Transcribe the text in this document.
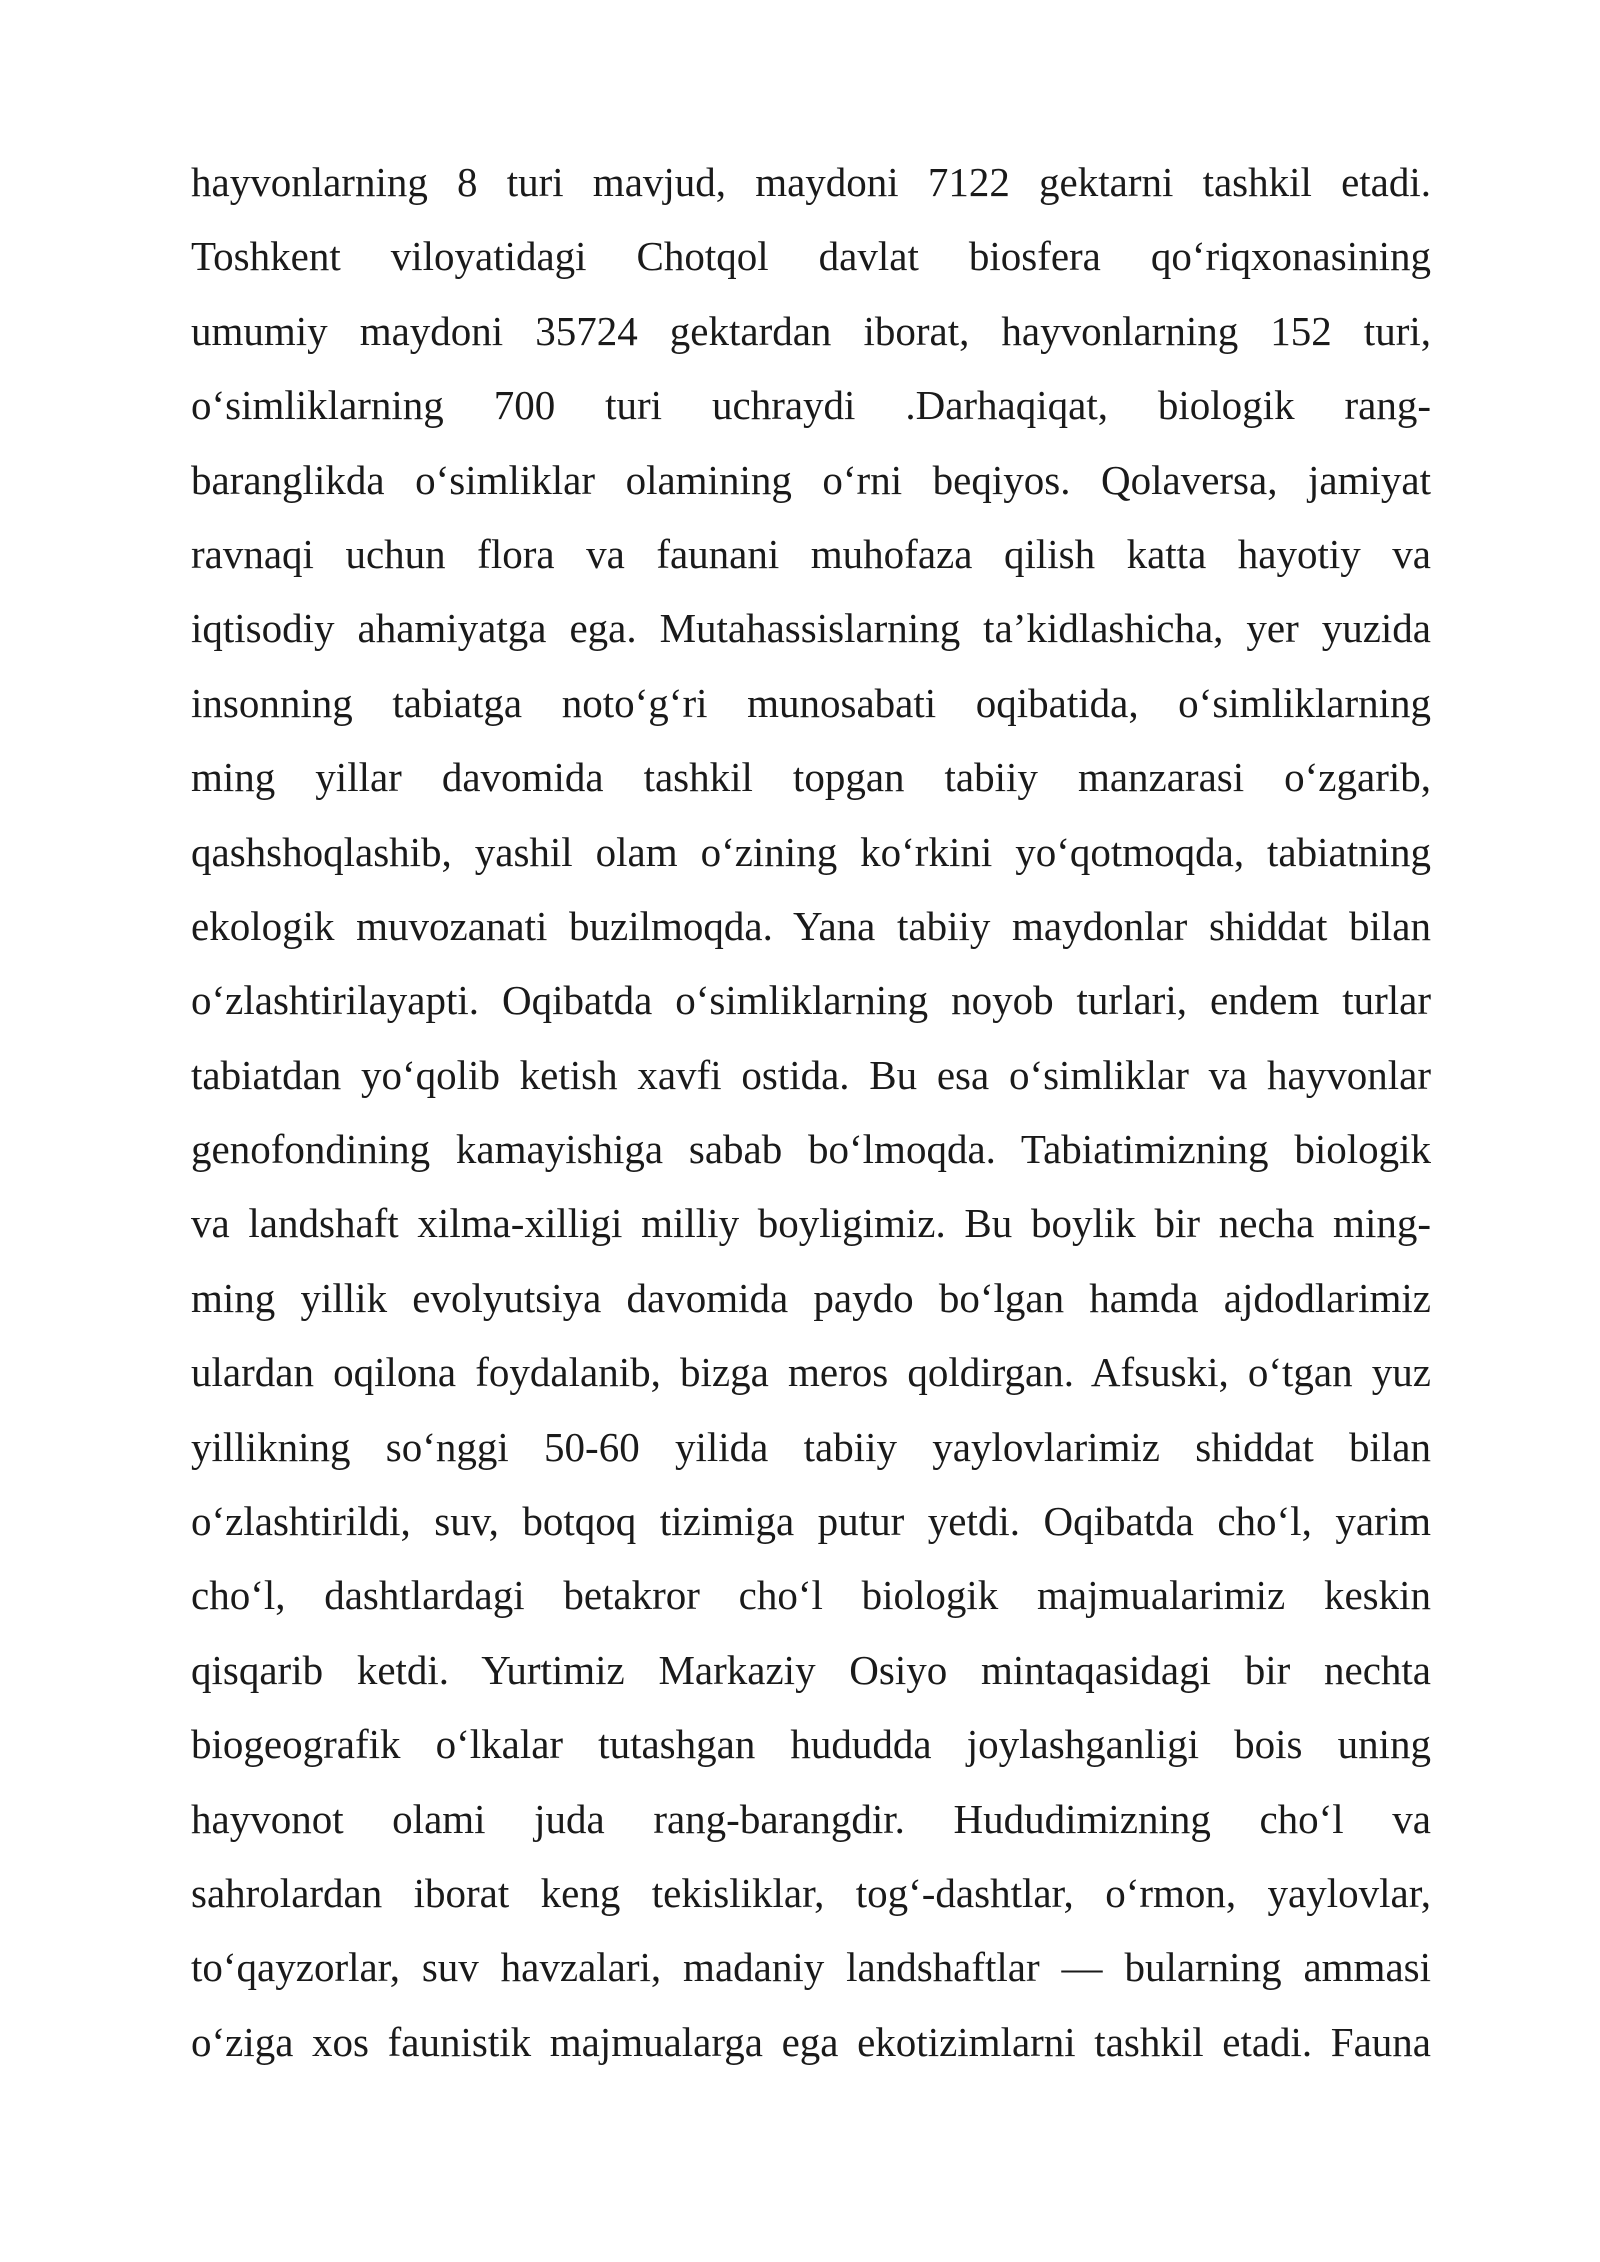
hayvonlarning 8 turi mavjud, maydoni 7122 gektarni tashkil etadi.
Toshkent viloyatidagi Chotqol davlat biosfera qo‘riqxonasining
umumiy maydoni 35724 gektardan iborat, hayvonlarning 152 turi,
o‘simliklarning 700 turi uchraydi .Darhaqiqat, biologik rang-
baranglikda o‘simliklar olamining o‘rni beqiyos. Qolaversa, jamiyat
ravnaqi uchun flora va faunani muhofaza qilish katta hayotiy va
iqtisodiy ahamiyatga ega. Mutahassislarning ta’kidlashicha, yer yuzida
insonning tabiatga noto‘g‘ri munosabati oqibatida, o‘simliklarning
ming yillar davomida tashkil topgan tabiiy manzarasi o‘zgarib,
qashshoqlashib, yashil olam o‘zining ko‘rkini yo‘qotmoqda, tabiatning
ekologik muvozanati buzilmoqda. Yana tabiiy maydonlar shiddat bilan
o‘zlashtirilayapti. Oqibatda o‘simliklarning noyob turlari, endem turlar
tabiatdan yo‘qolib ketish xavfi ostida. Bu esa o‘simliklar va hayvonlar
genofondining kamayishiga sabab bo‘lmoqda. Tabiatimizning biologik
va landshaft xilma-xilligi milliy boyligimiz. Bu boylik bir necha ming-
ming yillik evolyutsiya davomida paydo bo‘lgan hamda ajdodlarimiz
ulardan oqilona foydalanib, bizga meros qoldirgan. Afsuski, o‘tgan yuz
yillikning so‘nggi 50-60 yilida tabiiy yaylovlarimiz shiddat bilan
o‘zlashtirildi, suv, botqoq tizimiga putur yetdi. Oqibatda cho‘l, yarim
cho‘l, dashtlardagi betakror cho‘l biologik majmualarimiz keskin
qisqarib ketdi. Yurtimiz Markaziy Osiyo mintaqasidagi bir nechta
biogeografik o‘lkalar tutashgan hududda joylashganligi bois uning
hayvonot olami juda rang-barangdir. Hududimizning cho‘l va
sahrolardan iborat keng tekisliklar, tog‘-dashtlar, o‘rmon, yaylovlar,
to‘qayzorlar, suv havzalari, madaniy landshaftlar — bularning ammasi
o‘ziga xos faunistik majmualarga ega ekotizimlarni tashkil etadi. Fauna
